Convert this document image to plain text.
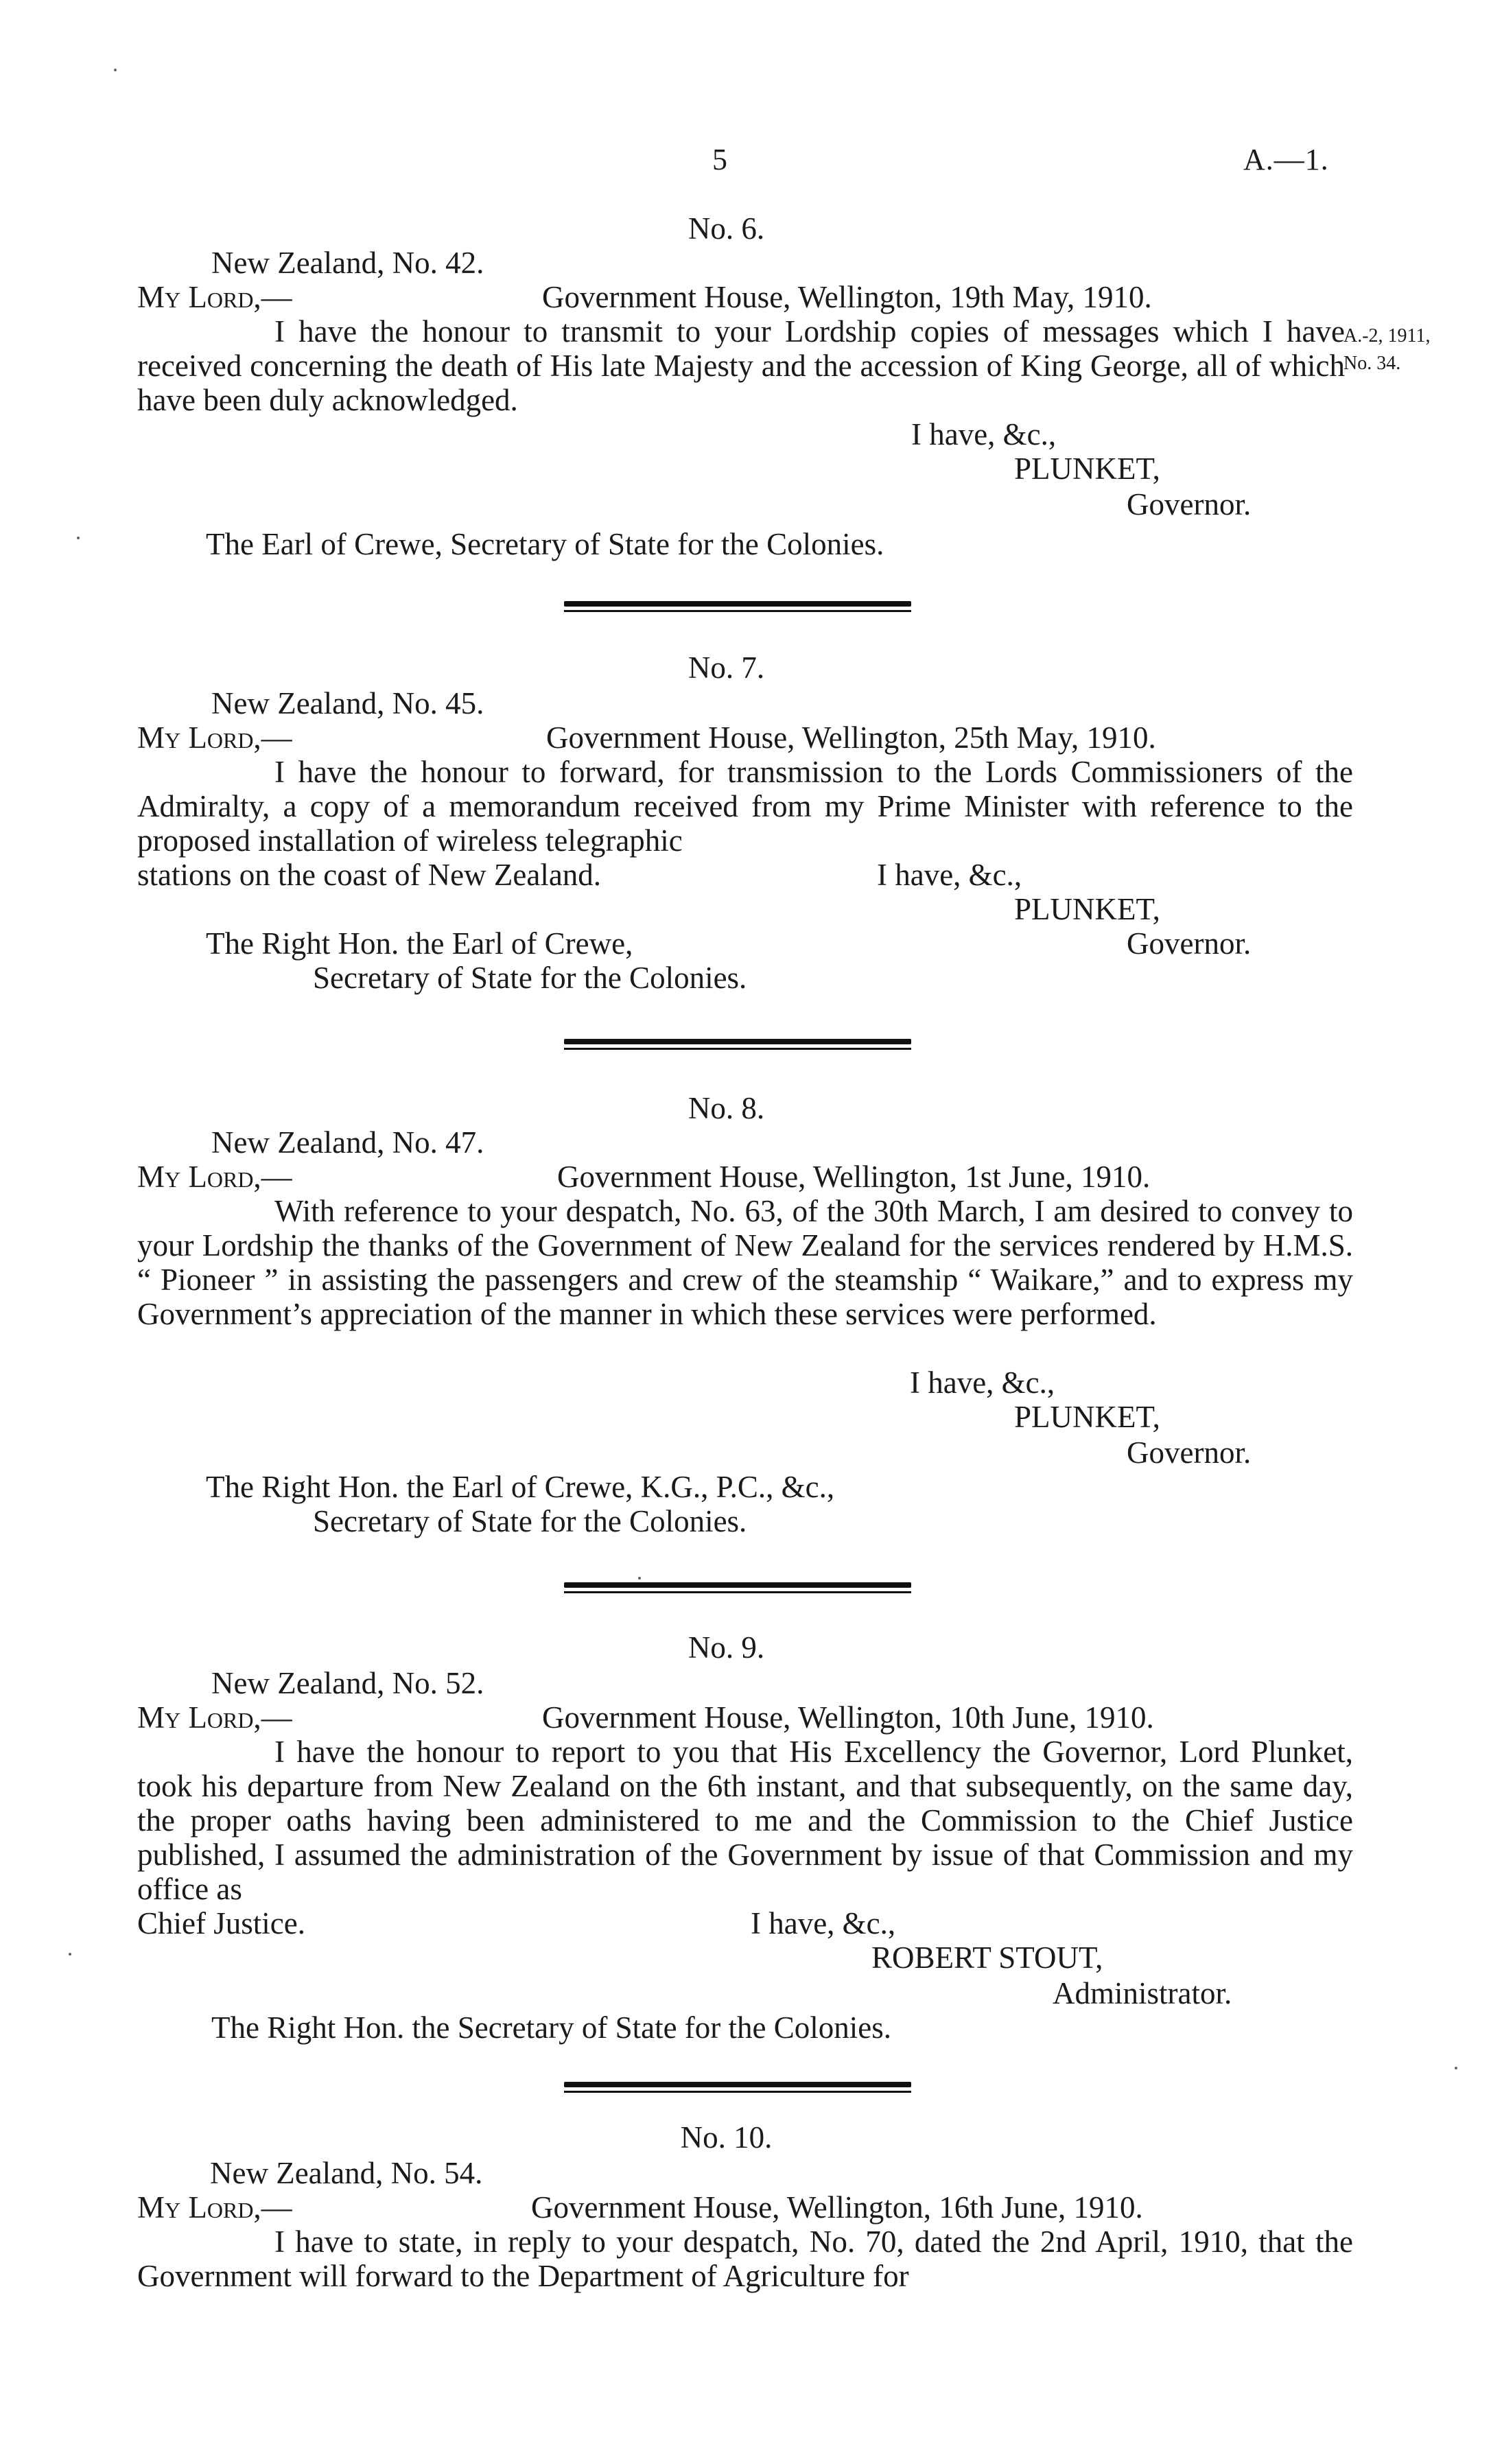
5	A.—1.
No. 6.
New Zealand, No. 42.
My Lord,—	Government House, Wellington, 19th May, 1910.
I have the honour to transmit to your Lordship copies of messages which I have received concerning the death of His late Majesty and the accession of King George, all of which have been duly acknowledged.
I have, &c.,
PLUNKET,
Governor.
The Earl of Crewe, Secretary of State for the Colonies.
A.-2, 1911,
No. 34.
No. 7.
New Zealand, No. 45.
My Lord,—	Government House, Wellington, 25th May, 1910.
I have the honour to forward, for transmission to the Lords Commissioners of the Admiralty, a copy of a memorandum received from my Prime Minister with reference to the proposed installation of wireless telegraphic
stations on the coast of New Zealand.	I have, &c.,
PLUNKET,
Governor.
The Right Hon. the Earl of Crewe,
Secretary of State for the Colonies.
No. 8.
New Zealand, No. 47.
My Lord,—	Government House, Wellington, 1st June, 1910.
With reference to your despatch, No. 63, of the 30th March, I am desired to convey to your Lordship the thanks of the Government of New Zealand for the services rendered by H.M.S. “ Pioneer ” in assisting the passengers and crew of the steamship “ Waikare,” and to express my Government’s appreciation of the manner in which these services were performed.
I have, &c.,
PLUNKET,
Governor.
The Right Hon. the Earl of Crewe, K.G., P.C., &c.,
Secretary of State for the Colonies.
No. 9.
New Zealand, No. 52.
My Lord,—	Government House, Wellington, 10th June, 1910.
I have the honour to report to you that His Excellency the Governor, Lord Plunket, took his departure from New Zealand on the 6th instant, and that subsequently, on the same day, the proper oaths having been administered to me and the Commission to the Chief Justice published, I assumed the administration of the Government by issue of that Commission and my office as
Chief Justice.	I have, &c.,
ROBERT STOUT,
Administrator.
The Right Hon. the Secretary of State for the Colonies.
No. 10.
New Zealand, No. 54.
My Lord,—	Government House, Wellington, 16th June, 1910.
I have to state, in reply to your despatch, No. 70, dated the 2nd April, 1910, that the Government will forward to the Department of Agriculture for
